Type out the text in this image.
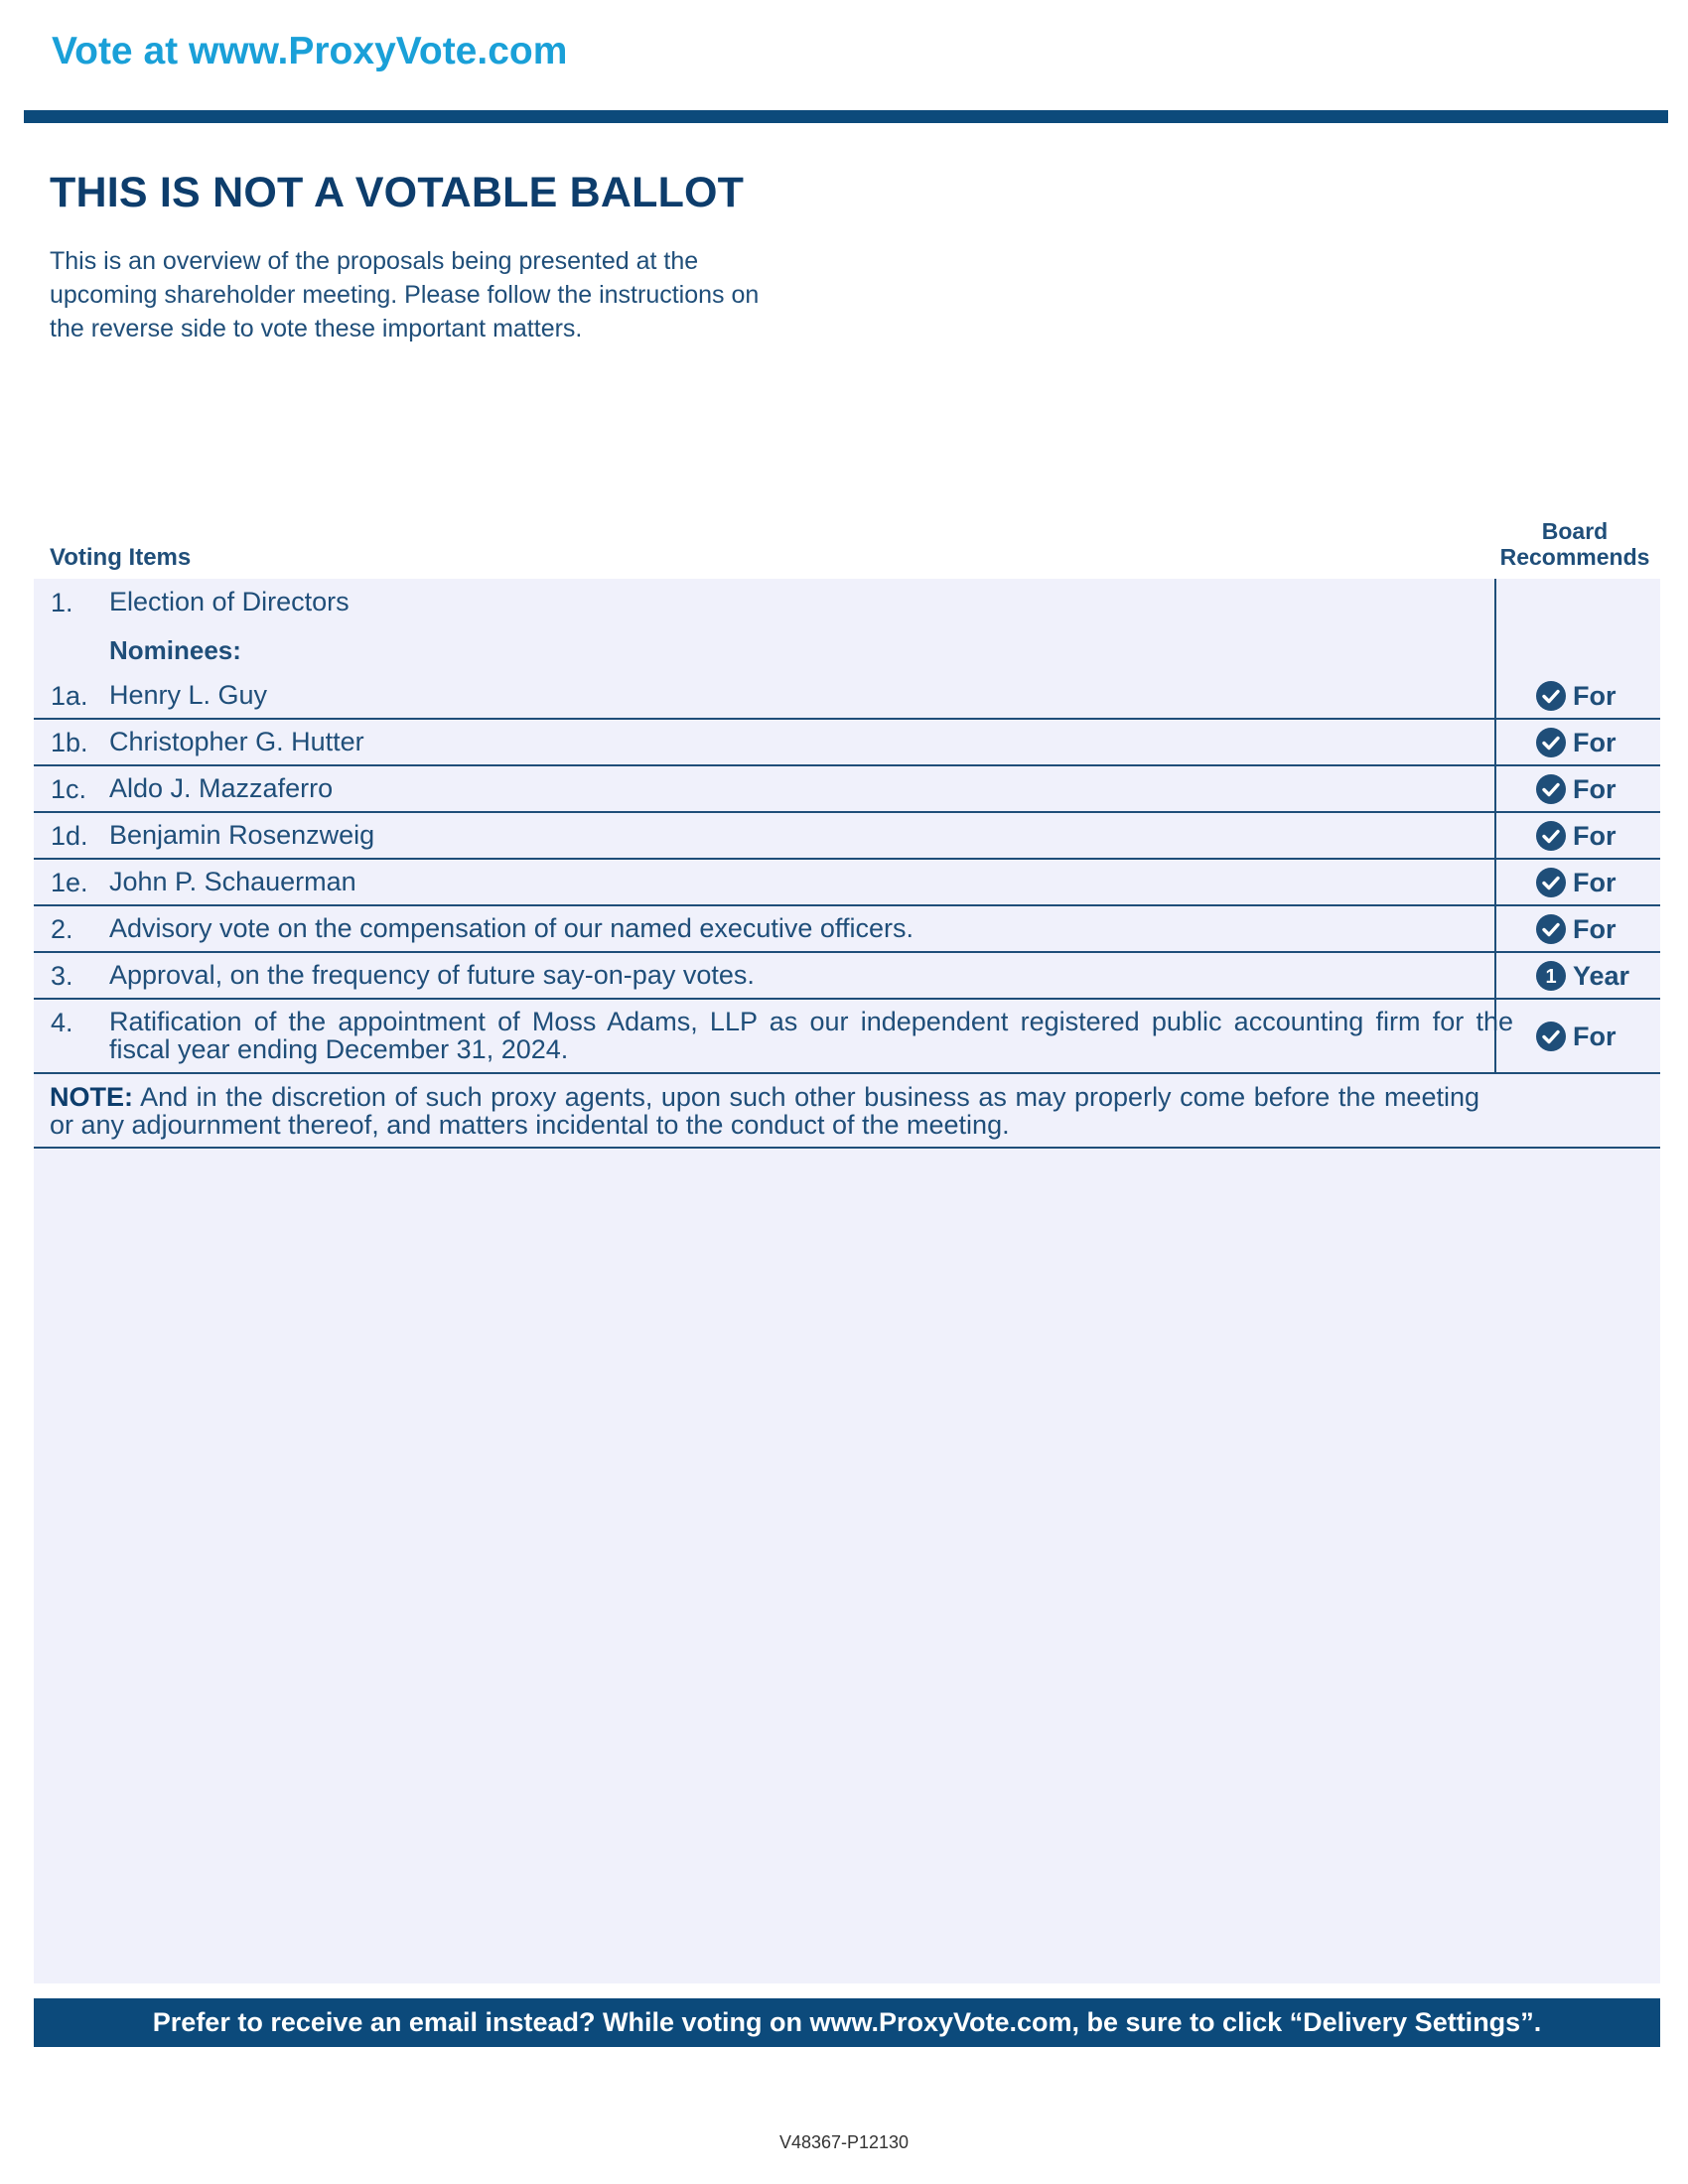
Vote at www.ProxyVote.com
THIS IS NOT A VOTABLE BALLOT
This is an overview of the proposals being presented at the
upcoming shareholder meeting. Please follow the instructions on
the reverse side to vote these important matters.
Voting Items
Board
Recommends
1. Election of Directors
Nominees:
1a. Henry L. Guy	For
1b. Christopher G. Hutter	For
1c. Aldo J. Mazzaferro	For
1d. Benjamin Rosenzweig	For
1e. John P. Schauerman	For
2. Advisory vote on the compensation of our named executive officers.	For
3. Approval, on the frequency of future say-on-pay votes.	1 Year
4. Ratification of the appointment of Moss Adams, LLP as our independent registered public accounting firm for the
fiscal year ending December 31, 2024.	For
NOTE: And in the discretion of such proxy agents, upon such other business as may properly come before the meeting or any adjournment thereof, and matters incidental to the conduct of the meeting.
Prefer to receive an email instead? While voting on www.ProxyVote.com, be sure to click “Delivery Settings”.
V48367-P12130
